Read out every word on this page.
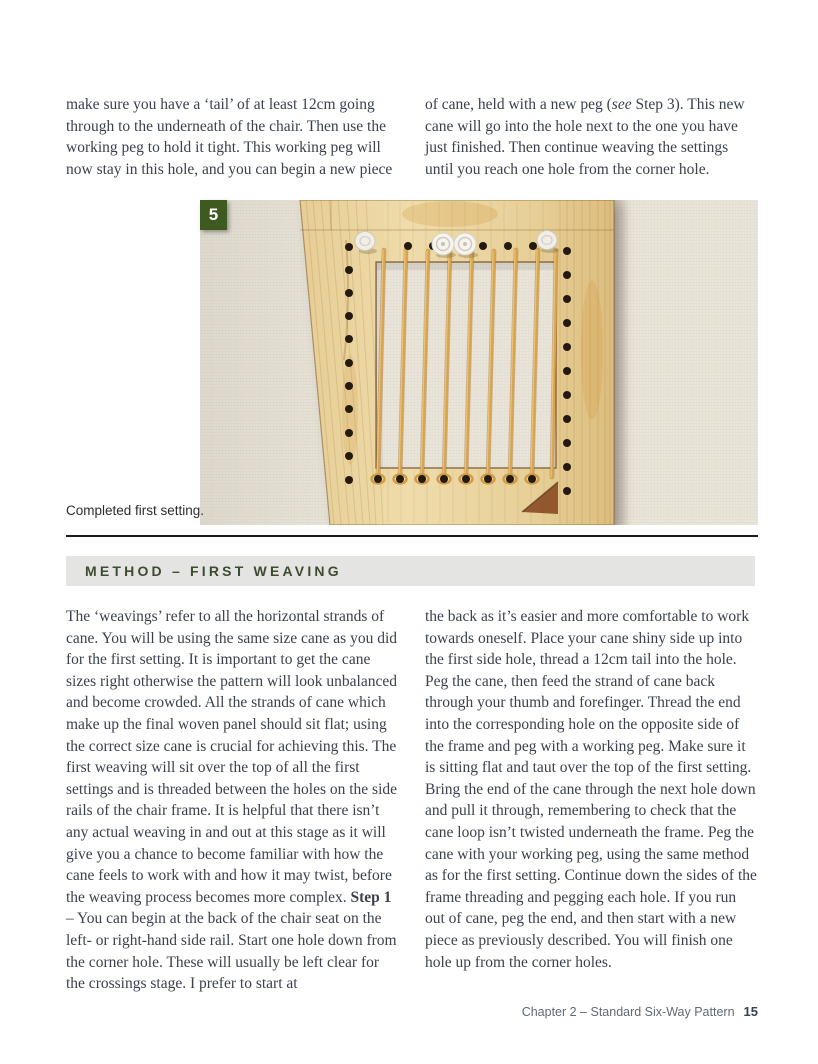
make sure you have a ‘tail’ of at least 12cm going through to the underneath of the chair. Then use the working peg to hold it tight. This working peg will now stay in this hole, and you can begin a new piece

of cane, held with a new peg (see Step 3). This new cane will go into the hole next to the one you have just finished. Then continue weaving the settings until you reach one hole from the corner hole.

5
Completed first setting.
METHOD – FIRST WEAVING

The ‘weavings’ refer to all the horizontal strands of cane. You will be using the same size cane as you did for the first setting. It is important to get the cane sizes right otherwise the pattern will look unbalanced and become crowded. All the strands of cane which make up the final woven panel should sit flat; using the correct size cane is crucial for achieving this. The first weaving will sit over the top of all the first settings and is threaded between the holes on the side rails of the chair frame. It is helpful that there isn’t any actual weaving in and out at this stage as it will give you a chance to become familiar with how the cane feels to work with and how it may twist, before the weaving process becomes more complex. Step 1 – You can begin at the back of the chair seat on the left- or right-hand side rail. Start one hole down from the corner hole. These will usually be left clear for the crossings stage. I prefer to start at

the back as it’s easier and more comfortable to work towards oneself. Place your cane shiny side up into the first side hole, thread a 12cm tail into the hole. Peg the cane, then feed the strand of cane back through your thumb and forefinger. Thread the end into the corresponding hole on the opposite side of the frame and peg with a working peg. Make sure it is sitting flat and taut over the top of the first setting. Bring the end of the cane through the next hole down and pull it through, remembering to check that the cane loop isn’t twisted underneath the frame. Peg the cane with your working peg, using the same method as for the first setting. Continue down the sides of the frame threading and pegging each hole. If you run out of cane, peg the end, and then start with a new piece as previously described. You will finish one hole up from the corner holes.

Chapter 2 – Standard Six-Way Pattern 15
